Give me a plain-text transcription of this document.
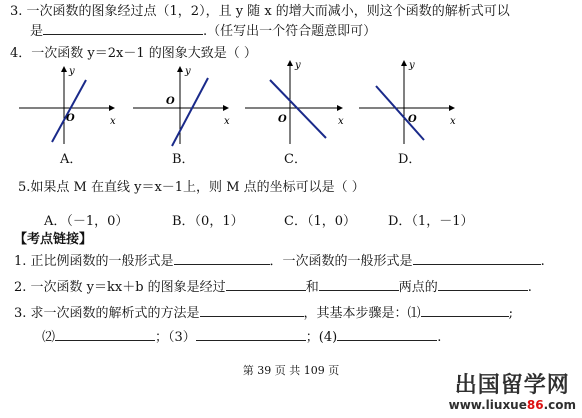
3. 一次函数的图象经过点（1，2），且 y 随 x 的增大而减小，则这个函数的解析式可以
是	.（任写出一个符合题意即可）
4．一次函数 y＝2x－1 的图象大致是（ ）
y
x
O
A．
y
x
O
B．
y
x
O
C．
y
x
O
D．
5.如果点 M 在直线 y＝x－1上，则 M 点的坐标可以是（ ）
A．（－1，0）	B．（0，1）	C．（1，0） D．（1，－1）
【考点链接】
1. 正比例函数的一般形式是	．一次函数的一般形式是	.
2. 一次函数 y＝kx＋b 的图象是经过	和	两点的	.
3. 求一次函数的解析式的方法是	，其基本步骤是：⑴	;
⑵	；（3）	；(4)	.
第 39 页 共 109 页
出国留学网
www.liuxue86.com
